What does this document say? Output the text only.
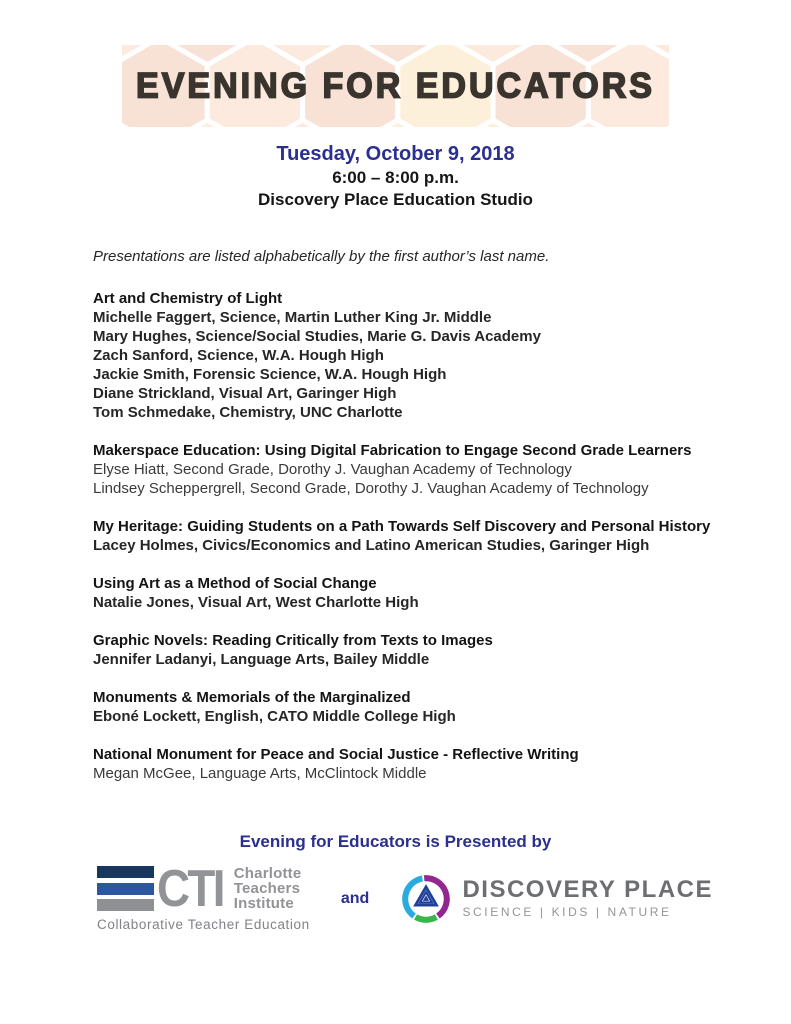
EVENING FOR EDUCATORS
Tuesday, October 9, 2018
6:00 – 8:00 p.m.
Discovery Place Education Studio

Presentations are listed alphabetically by the first author’s last name.

Art and Chemistry of Light
Michelle Faggert, Science, Martin Luther King Jr. Middle
Mary Hughes, Science/Social Studies, Marie G. Davis Academy
Zach Sanford, Science, W.A. Hough High
Jackie Smith, Forensic Science, W.A. Hough High
Diane Strickland, Visual Art, Garinger High
Tom Schmedake, Chemistry, UNC Charlotte
Makerspace Education: Using Digital Fabrication to Engage Second Grade Learners
Elyse Hiatt, Second Grade, Dorothy J. Vaughan Academy of Technology
Lindsey Scheppergrell, Second Grade, Dorothy J. Vaughan Academy of Technology
My Heritage: Guiding Students on a Path Towards Self Discovery and Personal History
Lacey Holmes, Civics/Economics and Latino American Studies, Garinger High
Using Art as a Method of Social Change
Natalie Jones, Visual Art, West Charlotte High
Graphic Novels: Reading Critically from Texts to Images
Jennifer Ladanyi, Language Arts, Bailey Middle
Monuments & Memorials of the Marginalized
Eboné Lockett, English, CATO Middle College High
National Monument for Peace and Social Justice - Reflective Writing
Megan McGee, Language Arts, McClintock Middle
Evening for Educators is Presented by
CTI Charlotte
Teachers
Institute
Collaborative Teacher Education
and	DISCOVERY PLACE
SCIENCE | KIDS | NATURE
